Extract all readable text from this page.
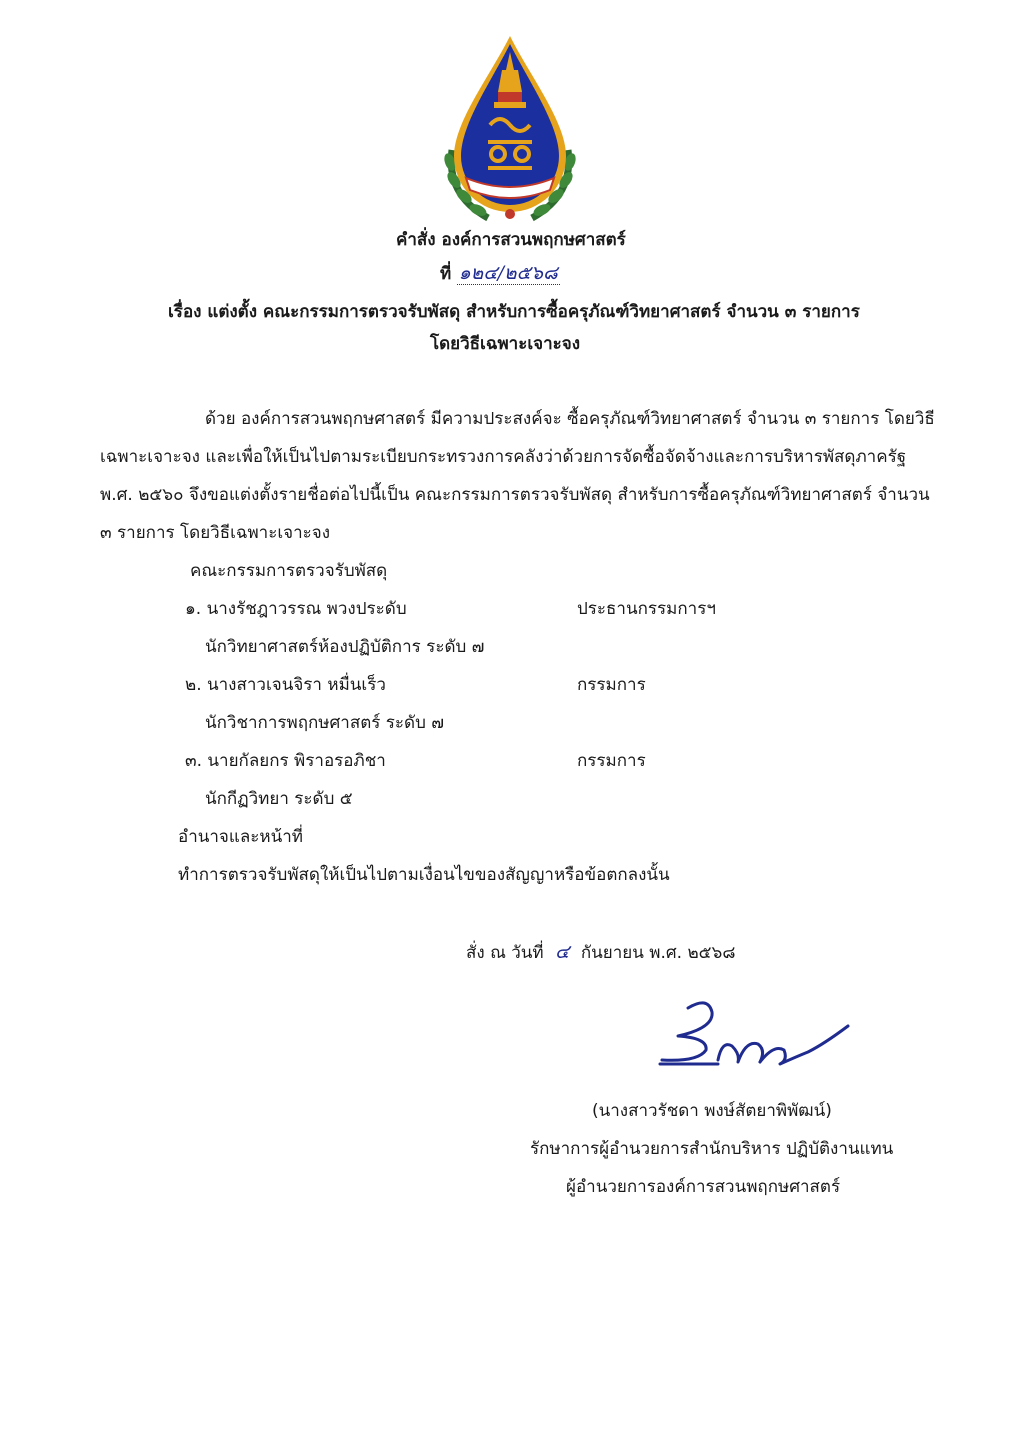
คำสั่ง องค์การสวนพฤกษศาสตร์
ที่ ๑๒๔/๒๕๖๘
เรื่อง แต่งตั้ง คณะกรรมการตรวจรับพัสดุ สำหรับการซื้อครุภัณฑ์วิทยาศาสตร์ จำนวน ๓ รายการ
โดยวิธีเฉพาะเจาะจง
ด้วย องค์การสวนพฤกษศาสตร์ มีความประสงค์จะ ซื้อครุภัณฑ์วิทยาศาสตร์ จำนวน ๓ รายการ โดยวิธี
เฉพาะเจาะจง และเพื่อให้เป็นไปตามระเบียบกระทรวงการคลังว่าด้วยการจัดซื้อจัดจ้างและการบริหารพัสดุภาครัฐ
พ.ศ. ๒๕๖๐ จึงขอแต่งตั้งรายชื่อต่อไปนี้เป็น คณะกรรมการตรวจรับพัสดุ สำหรับการซื้อครุภัณฑ์วิทยาศาสตร์ จำนวน
๓ รายการ โดยวิธีเฉพาะเจาะจง
คณะกรรมการตรวจรับพัสดุ
๑. นางรัชฎาวรรณ พวงประดับ	ประธานกรรมการฯ
นักวิทยาศาสตร์ห้องปฏิบัติการ ระดับ ๗
๒. นางสาวเจนจิรา หมื่นเร็ว	กรรมการ
นักวิชาการพฤกษศาสตร์ ระดับ ๗
๓. นายกัลยกร พิราอรอภิชา	กรรมการ
นักกีฏวิทยา ระดับ ๕
อำนาจและหน้าที่
ทำการตรวจรับพัสดุให้เป็นไปตามเงื่อนไขของสัญญาหรือข้อตกลงนั้น
สั่ง ณ วันที่ ๔ กันยายน พ.ศ. ๒๕๖๘
(นางสาวรัชดา พงษ์สัตยาพิพัฒน์)
รักษาการผู้อำนวยการสำนักบริหาร ปฏิบัติงานแทน
ผู้อำนวยการองค์การสวนพฤกษศาสตร์
